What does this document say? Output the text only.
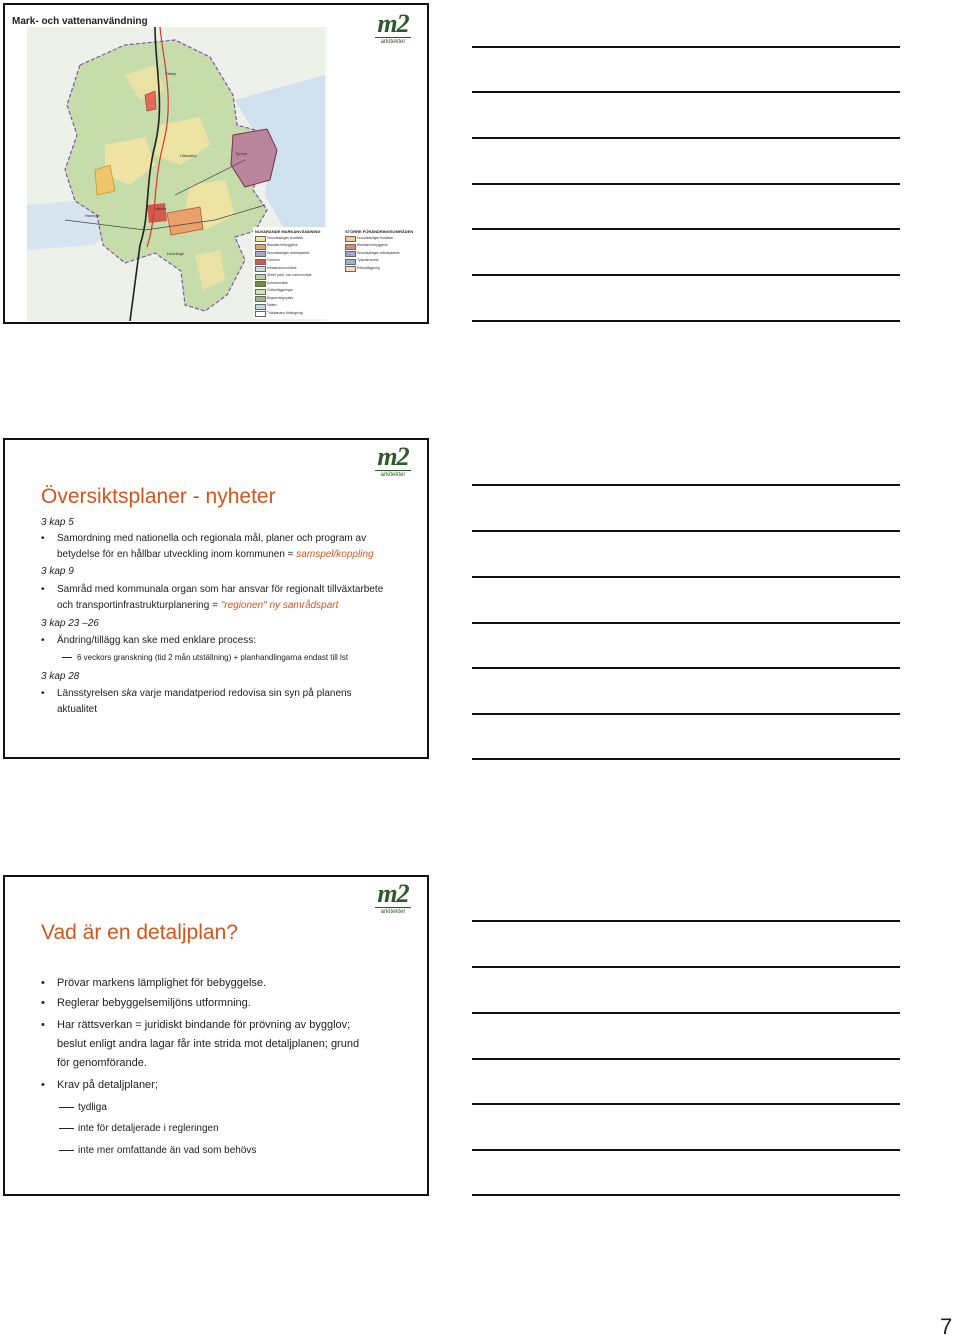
Mark- och vattenanvändning	m2
arkitekter
Väsby
Tyresö
Hässelby
Haninge
Nacka
Huddinge
NUVARANDE MARKANVÄNDNING	STÖRRE FÖRÄNDRINGSOMRÅDEN
Huvudsakligen bostäder
Blandad bebyggelse
Huvudsakligen arbetsplatser
Centrum
Infrastrukturområde
Större park- och naturområde
Koloniområde
Golfanläggningar
Begravningsplats
Vatten
Tvärbanans förlängning
Huvudsakligen bostäder
Blandad bebyggelse
Huvudsakligen arbetsplatser
Tyskvärnsverk
Rökanläggning
m2
arkitekter
Översiktsplaner - nyheter
3 kap 5
• Samordning med nationella och regionala mål, planer och program av
betydelse för en hållbar utveckling inom kommunen = samspel/koppling
3 kap 9
• Samråd med kommunala organ som har ansvar för regionalt tillväxtarbete
och transportinfrastrukturplanering = "regionen" ny samrådspart
3 kap 23 –26
• Ändring/tillägg kan ske med enklare process:
6 veckors granskning (tid 2 mån utställning) + planhandlingarna endast till lst
3 kap 28
• Länsstyrelsen ska varje mandatperiod redovisa sin syn på planens
aktualitet
m2
arkitekter
Vad är en detaljplan?
• Prövar markens lämplighet för bebyggelse.
• Reglerar bebyggelsemiljöns utformning.
• Har rättsverkan = juridiskt bindande för prövning av bygglov;
beslut enligt andra lagar får inte strida mot detaljplanen; grund
för genomförande.
• Krav på detaljplaner;
tydliga
inte för detaljerade i regleringen
inte mer omfattande än vad som behövs
7
